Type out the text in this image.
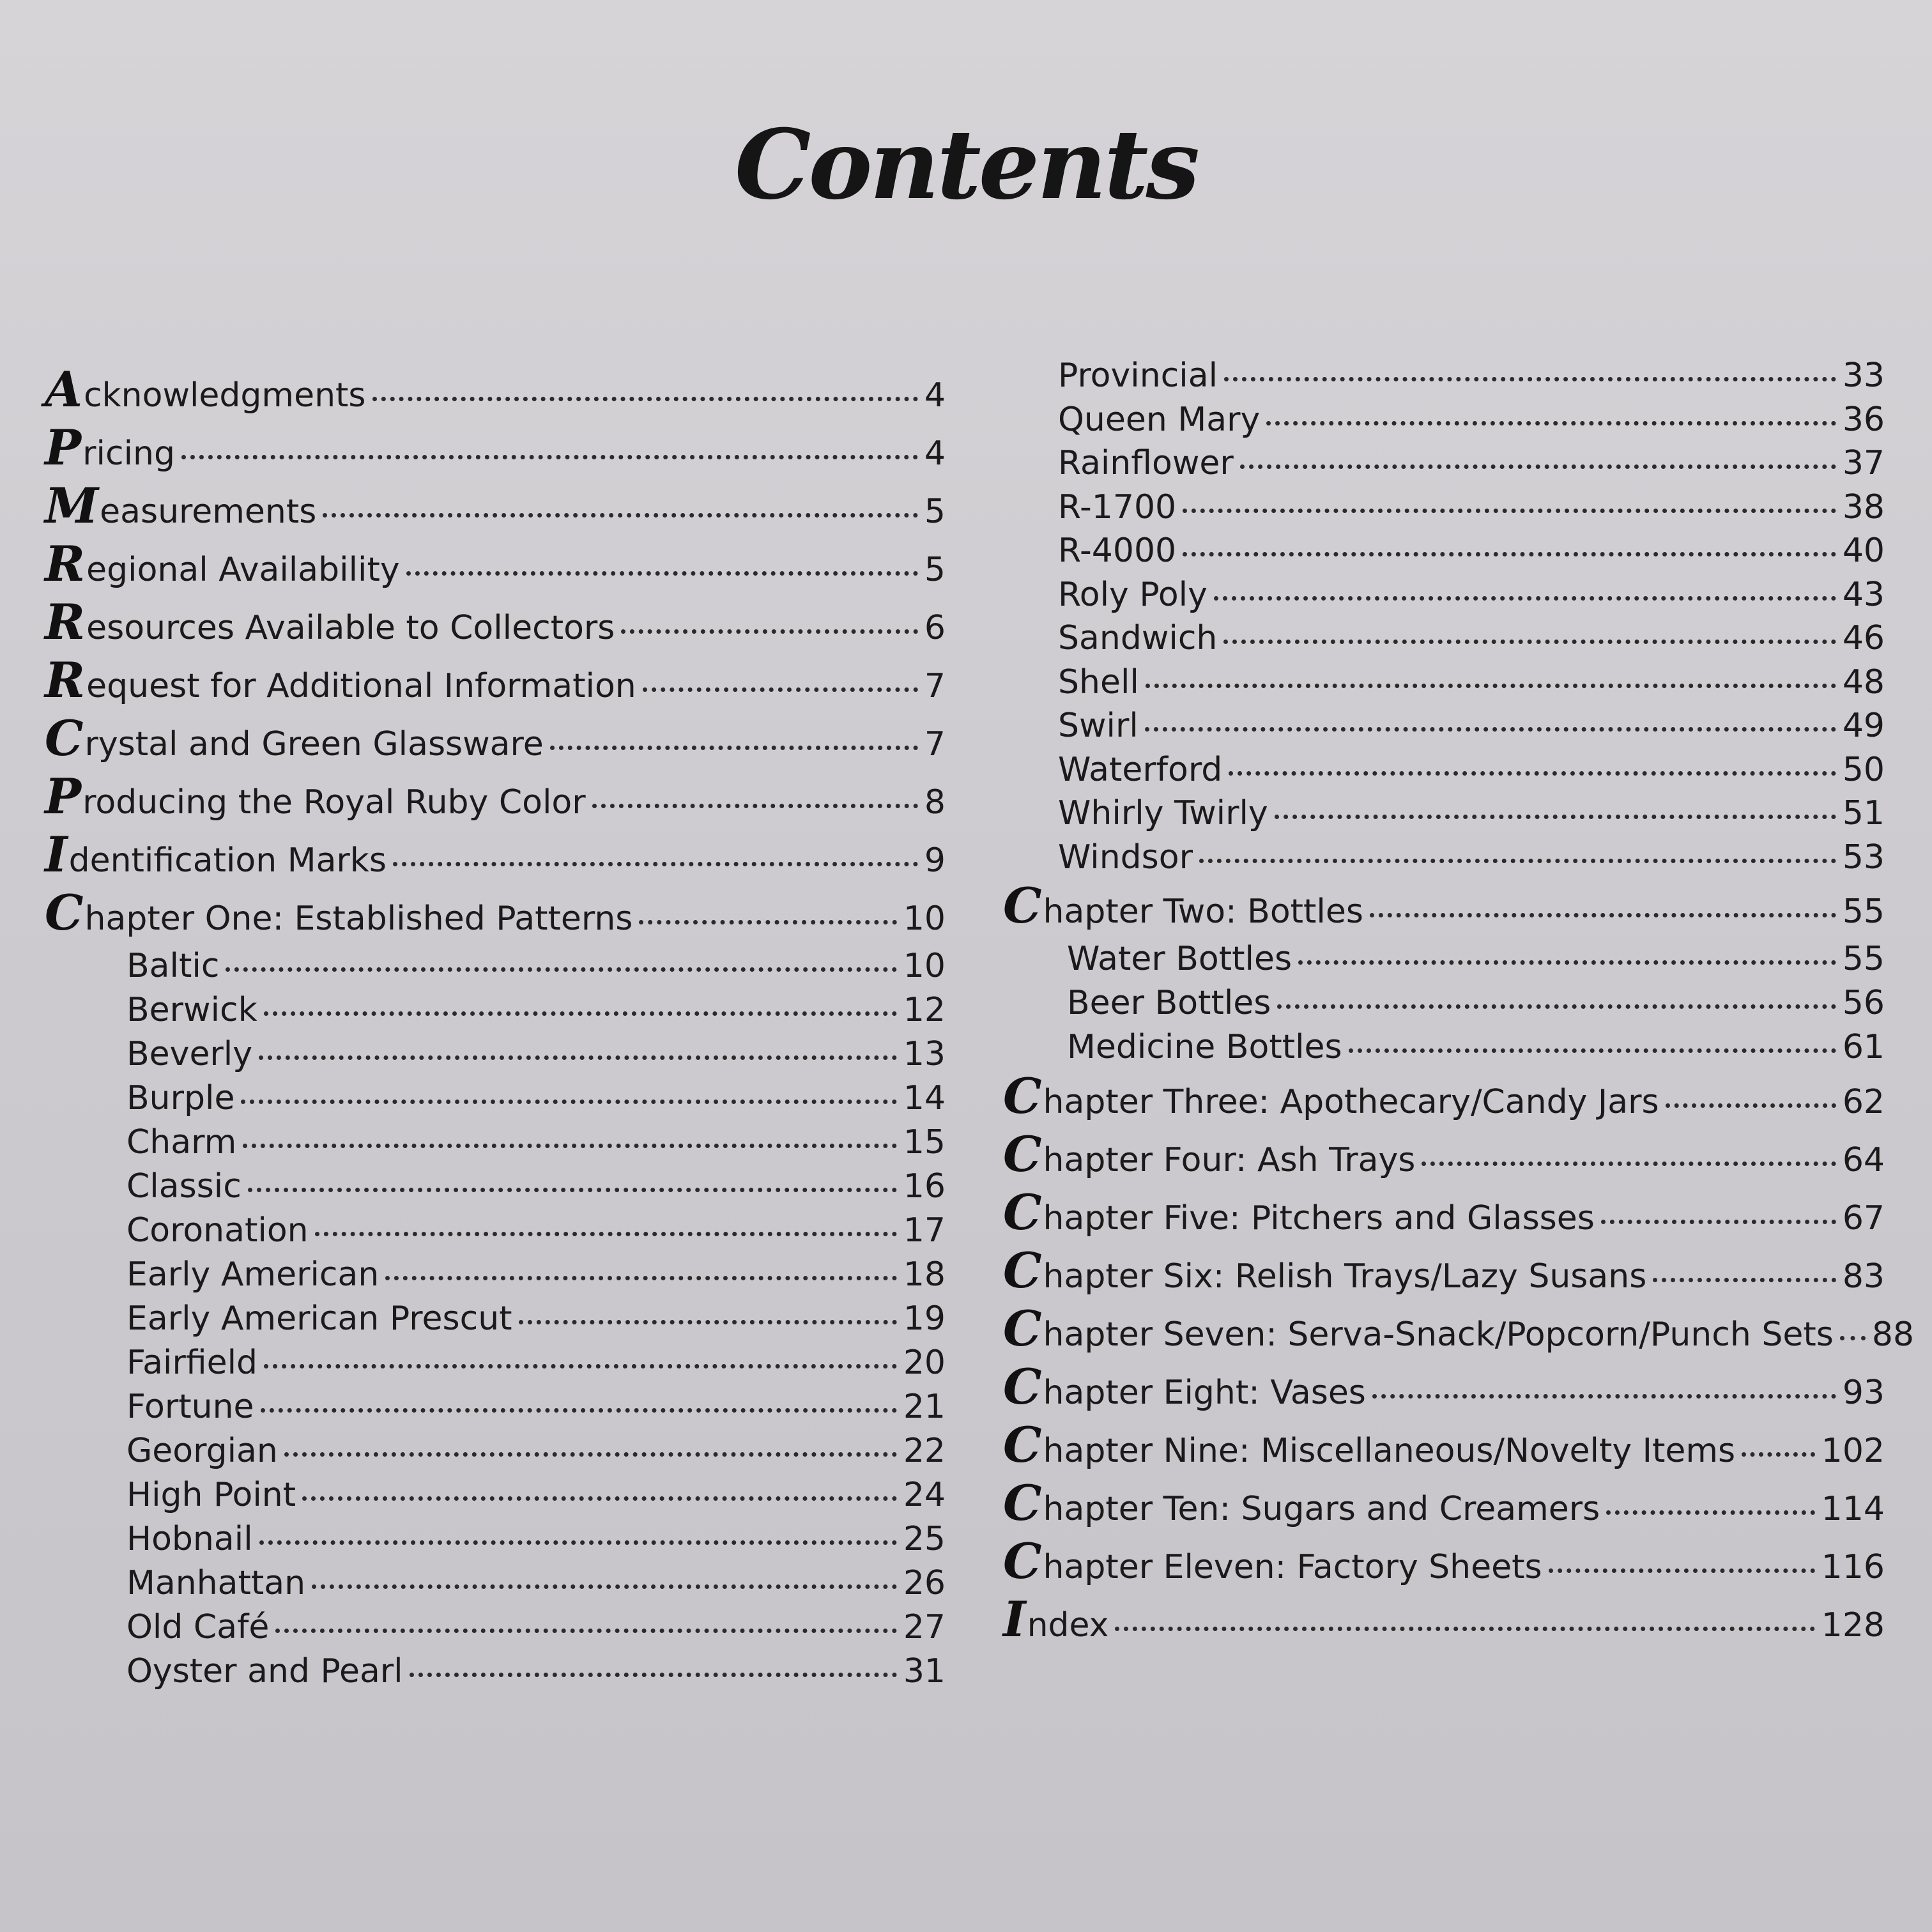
Contents
A cknowledgments	4
P ricing	4
M easurements	5
R egional Availability	5
R esources Available to Collectors	6
R equest for Additional Information	7
C rystal and Green Glassware	7
P roducing the Royal Ruby Color	8
I dentification Marks	9
C hapter One: Established Patterns	10
Baltic	10
Berwick	12
Beverly	13
Burple	14
Charm	15
Classic	16
Coronation	17
Early American	18
Early American Prescut	19
Fairfield	20
Fortune	21
Georgian	22
High Point	24
Hobnail	25
Manhattan	26
Old Café	27
Oyster and Pearl	31
Provincial	33
Queen Mary	36
Rainflower	37
R-1700	38
R-4000	40
Roly Poly	43
Sandwich	46
Shell	48
Swirl	49
Waterford	50
Whirly Twirly	51
Windsor	53
C hapter Two: Bottles	55
Water Bottles	55
Beer Bottles	56
Medicine Bottles	61
C hapter Three: Apothecary/Candy Jars	62
C hapter Four: Ash Trays	64
C hapter Five: Pitchers and Glasses	67
C hapter Six: Relish Trays/Lazy Susans	83
C hapter Seven: Serva-Snack/Popcorn/Punch Sets 88
C hapter Eight: Vases	93
C hapter Nine: Miscellaneous/Novelty Items	102
C hapter Ten: Sugars and Creamers	114
C hapter Eleven: Factory Sheets	116
I ndex	128
